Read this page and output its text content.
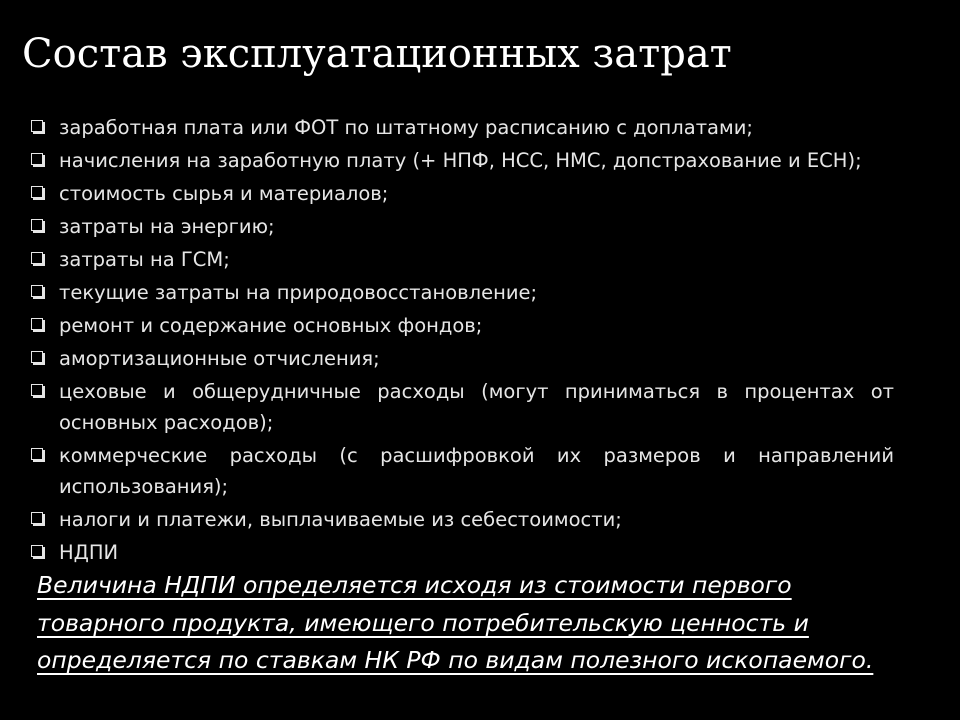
Состав эксплуатационных затрат
заработная плата или ФОТ по штатному расписанию с доплатами;
начисления на заработную плату (+ НПФ, НСС, НМС, допстрахование и ЕСН);
стоимость сырья и материалов;
затраты на энергию;
затраты на ГСМ;
текущие затраты на природовосстановление;
ремонт и содержание основных фондов;
амортизационные отчисления;
цеховые и общерудничные расходы (могут приниматься в процентах от основных расходов);
коммерческие расходы (с расшифровкой их размеров и направлений использования);
налоги и платежи, выплачиваемые из себестоимости;
НДПИ

Величина НДПИ определяется исходя из стоимости первого товарного продукта, имеющего потребительскую ценность и определяется по ставкам НК РФ по видам полезного ископаемого.
